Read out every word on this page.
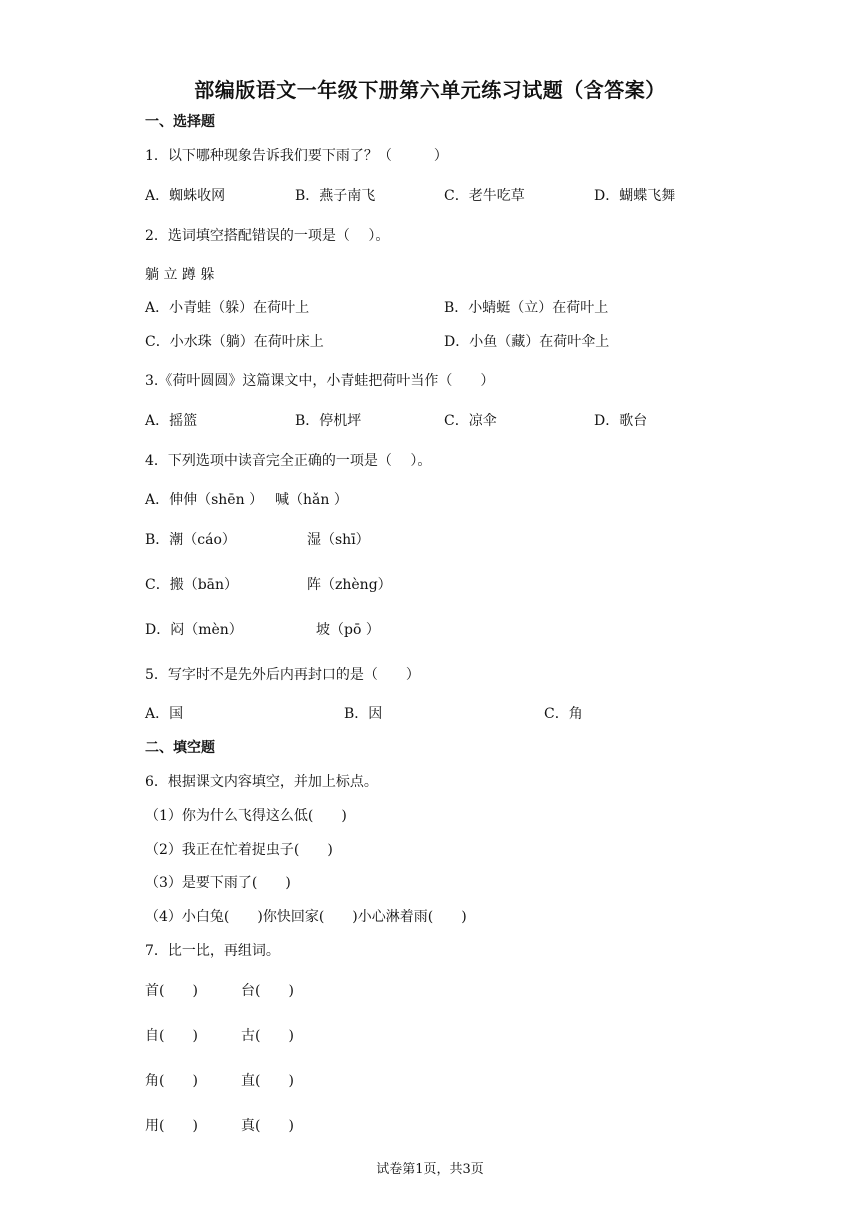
部编版语文一年级下册第六单元练习试题（含答案）
一、选择题
1．以下哪种现象告诉我们要下雨了？（　　　）
A．蜘蛛收网	B．燕子南飞	C．老牛吃草	D．蝴蝶飞舞
2．选词填空搭配错误的一项是（　 ）。
躺 立 蹲 躲
A．小青蛙（躲）在荷叶上	B．小蜻蜓（立）在荷叶上
C．小水珠（躺）在荷叶床上	D．小鱼（藏）在荷叶伞上
3.《荷叶圆圆》这篇课文中，小青蛙把荷叶当作（　　）
A．摇篮	B．停机坪	C．凉伞	D．歌台
4．下列选项中读音完全正确的一项是（　 ）。
A．伸伸（shēn ） 喊（hǎn ）
B．潮（cáo）	湿（shī）
C．搬（bān）	阵（zhèng）
D．闷（mèn）	坡（pō ）
5．写字时不是先外后内再封口的是（　　）
A．国	B．因	C．角
二、填空题
6．根据课文内容填空，并加上标点。
（1）你为什么飞得这么低(　　)
（2）我正在忙着捉虫子(　　)
（3）是要下雨了(　　)
（4）小白兔(　　)你快回家(　　)小心淋着雨(　　)
7．比一比，再组词。
首(　　)	台(　　)
自(　　)	古(　　)
角(　　)	直(　　)
用(　　)	真(　　)
试卷第1页，共3页
